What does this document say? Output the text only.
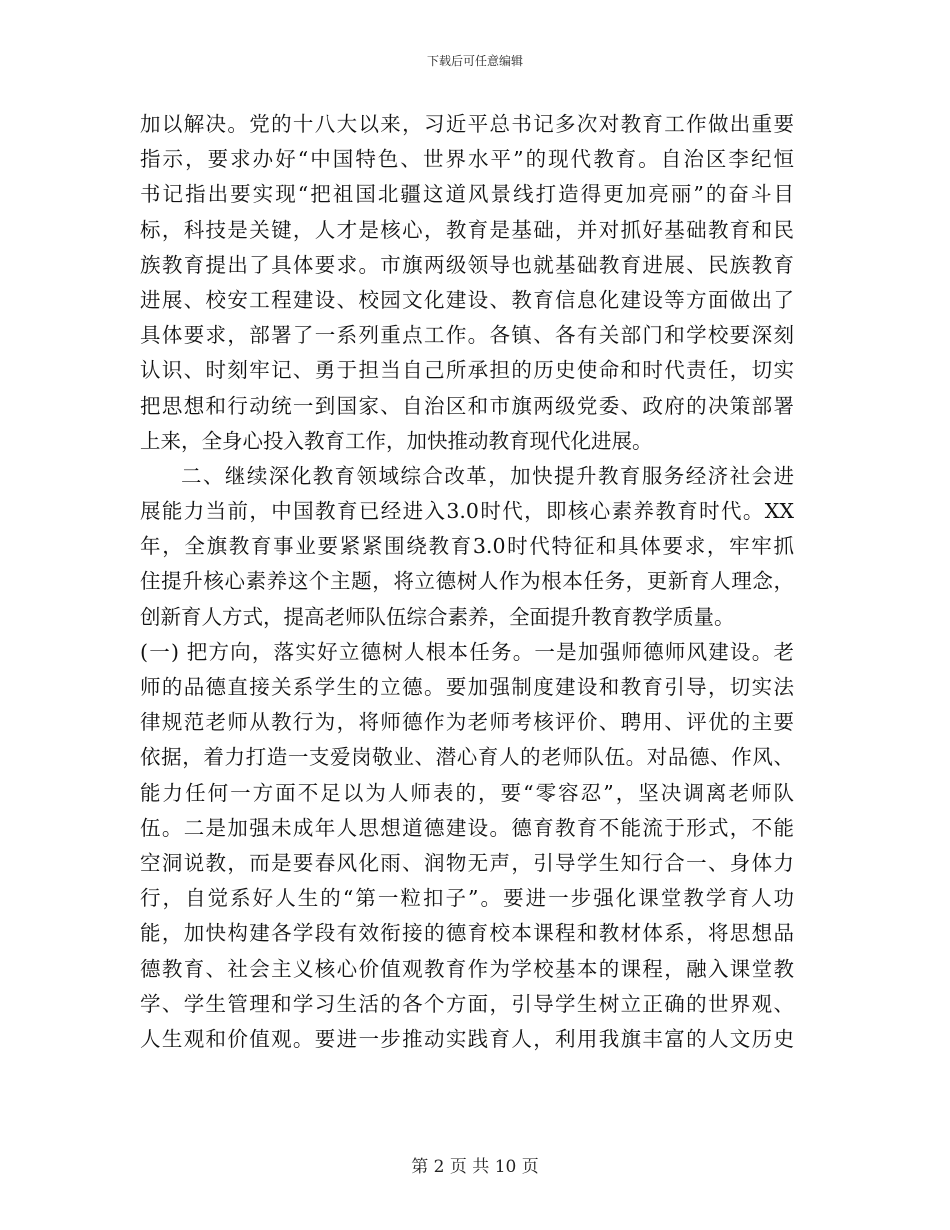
下载后可任意编辑
加以解决。党的十八大以来，习近平总书记多次对教育工作做出重要
指示，要求办好“中国特色、世界水平”的现代教育。自治区李纪恒
书记指出要实现“把祖国北疆这道风景线打造得更加亮丽”的奋斗目
标，科技是关键，人才是核心，教育是基础，并对抓好基础教育和民
族教育提出了具体要求。市旗两级领导也就基础教育进展、民族教育
进展、校安工程建设、校园文化建设、教育信息化建设等方面做出了
具体要求，部署了一系列重点工作。各镇、各有关部门和学校要深刻
认识、时刻牢记、勇于担当自己所承担的历史使命和时代责任，切实
把思想和行动统一到国家、自治区和市旗两级党委、政府的决策部署
上来，全身心投入教育工作，加快推动教育现代化进展。
二、继续深化教育领域综合改革，加快提升教育服务经济社会进
展能力当前，中国教育已经进入3.0时代，即核心素养教育时代。XX
年，全旗教育事业要紧紧围绕教育3.0时代特征和具体要求，牢牢抓
住提升核心素养这个主题，将立德树人作为根本任务，更新育人理念，
创新育人方式，提高老师队伍综合素养，全面提升教育教学质量。
(一) 把方向，落实好立德树人根本任务。一是加强师德师风建设。老
师的品德直接关系学生的立德。要加强制度建设和教育引导，切实法
律规范老师从教行为，将师德作为老师考核评价、聘用、评优的主要
依据，着力打造一支爱岗敬业、潜心育人的老师队伍。对品德、作风、
能力任何一方面不足以为人师表的，要“零容忍”，坚决调离老师队
伍。二是加强未成年人思想道德建设。德育教育不能流于形式，不能
空洞说教，而是要春风化雨、润物无声，引导学生知行合一、身体力
行，自觉系好人生的“第一粒扣子”。要进一步强化课堂教学育人功
能，加快构建各学段有效衔接的德育校本课程和教材体系，将思想品
德教育、社会主义核心价值观教育作为学校基本的课程，融入课堂教
学、学生管理和学习生活的各个方面，引导学生树立正确的世界观、
人生观和价值观。要进一步推动实践育人，利用我旗丰富的人文历史
第 2 页 共 10 页
